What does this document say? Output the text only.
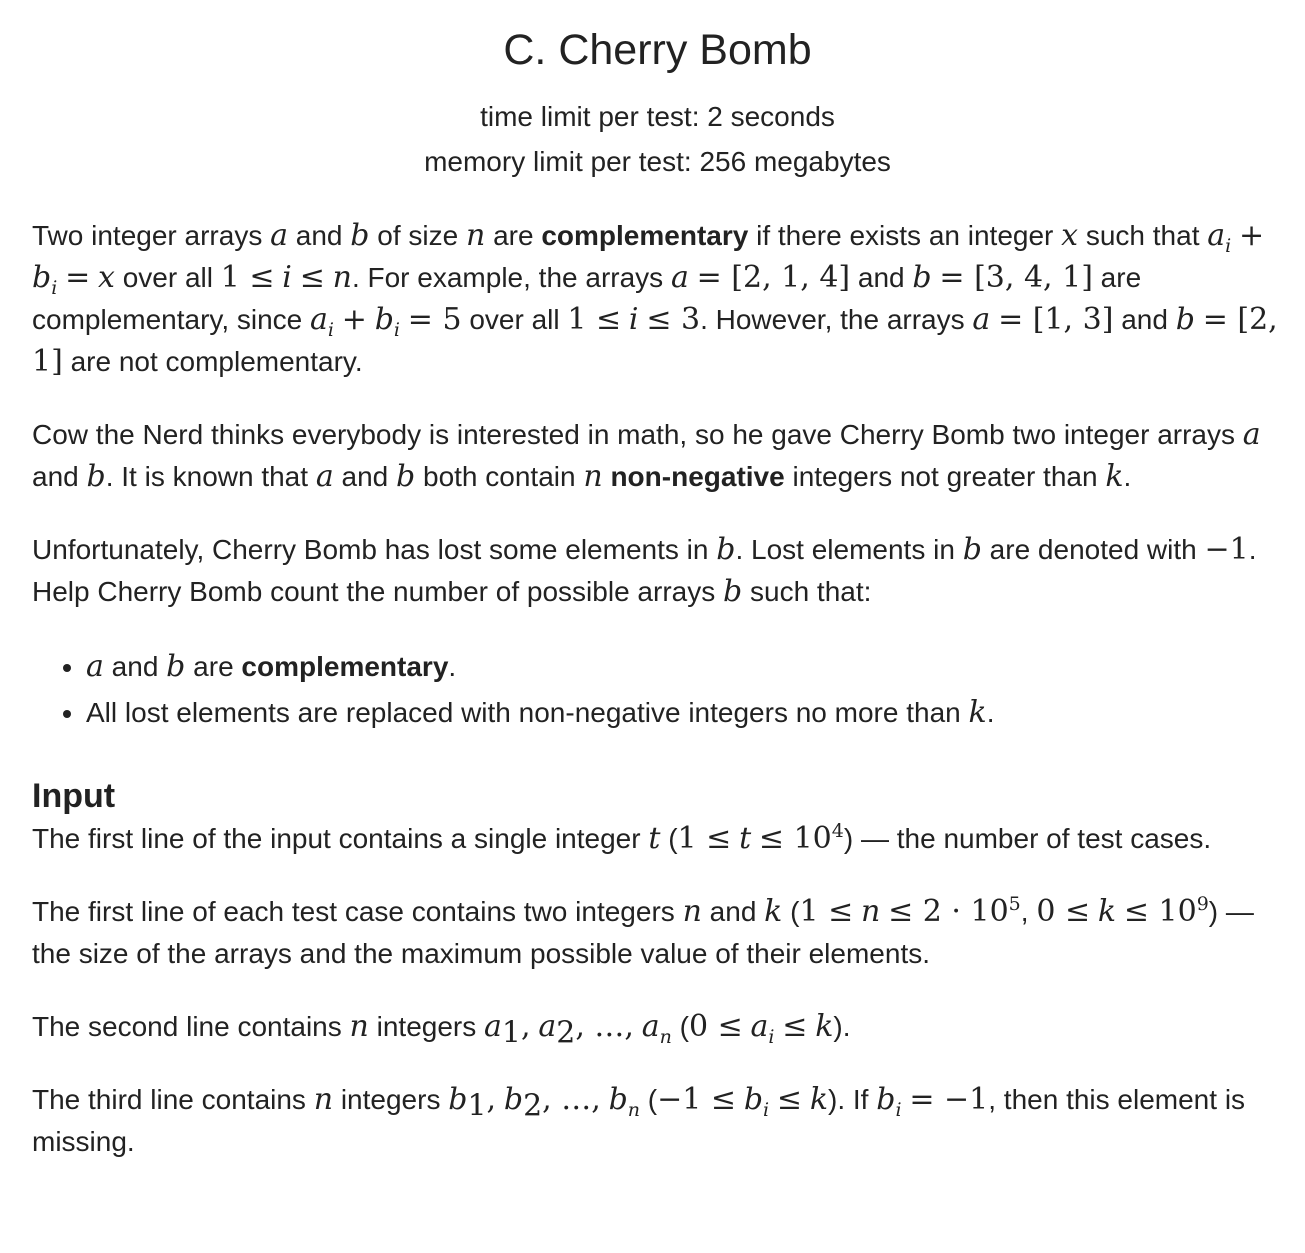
C. Cherry Bomb
time limit per test: 2 seconds
memory limit per test: 256 megabytes

Two integer arrays a and b of size n are complementary if there exists an integer x such that $a_i + b_i = x$ over all 1 ≤ i ≤ n. For example, the arrays a = [2, 1, 4] and b = [3, 4, 1] are complementary, since $a_i + b_i = 5$ over all 1 ≤ i ≤ 3. However, the arrays a = [1, 3] and b = [2, 1] are not complementary.

Cow the Nerd thinks everybody is interested in math, so he gave Cherry Bomb two integer arrays a and b. It is known that a and b both contain n non-negative integers not greater than k.

Unfortunately, Cherry Bomb has lost some elements in b. Lost elements in b are denoted with −1. Help Cherry Bomb count the number of possible arrays b such that:

• a and b are complementary.
• All lost elements are replaced with non-negative integers no more than k.
Input

The first line of the input contains a single integer t $(1 \le t \le 10^4)$ — the number of test cases.

The first line of each test case contains two integers n and k ($1 \le n \le 2 \cdot 10^5$, $0 \le k \le 10^9$) — the size of the arrays and the maximum possible value of their elements.

The second line contains n integers $a_1$, $a_2$, …, $a_n$ $(0 \le a_i \le k)$.

The third line contains n integers $b_1$, $b_2$, …, $b_n$ $(-1 \le b_i \le k)$. If $b_i = -1$, then this element is missing.
